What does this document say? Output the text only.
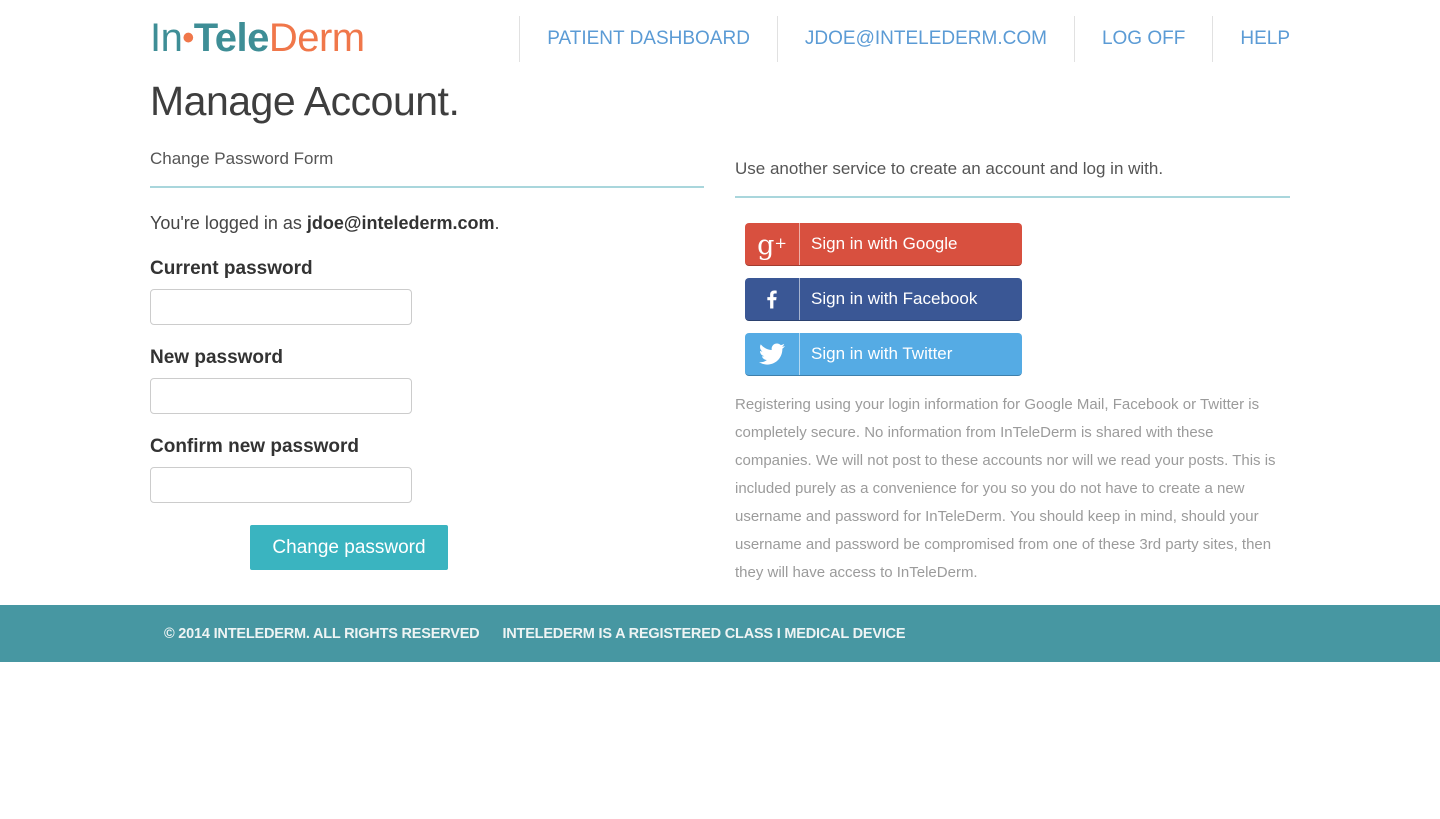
In•TeleDerm	PATIENT DASHBOARD	JDOE@INTELEDERM.COM	LOG OFF	HELP
Manage Account.
Change Password Form

You're logged in as jdoe@intelederm.com.

Current password
New password
Confirm new password
Change password
Use another service to create an account and log in with.
g+	Sign in with Google
Sign in with Facebook
Sign in with Twitter

Registering using your login information for Google Mail, Facebook or Twitter is completely secure. No information from InTeleDerm is shared with these companies. We will not post to these accounts nor will we read your posts. This is included purely as a convenience for you so you do not have to create a new username and password for InTeleDerm. You should keep in mind, should your username and password be compromised from one of these 3rd party sites, then they will have access to InTeleDerm.

© 2014 INTELEDERM. ALL RIGHTS RESERVED INTELEDERM IS A REGISTERED CLASS I MEDICAL DEVICE
